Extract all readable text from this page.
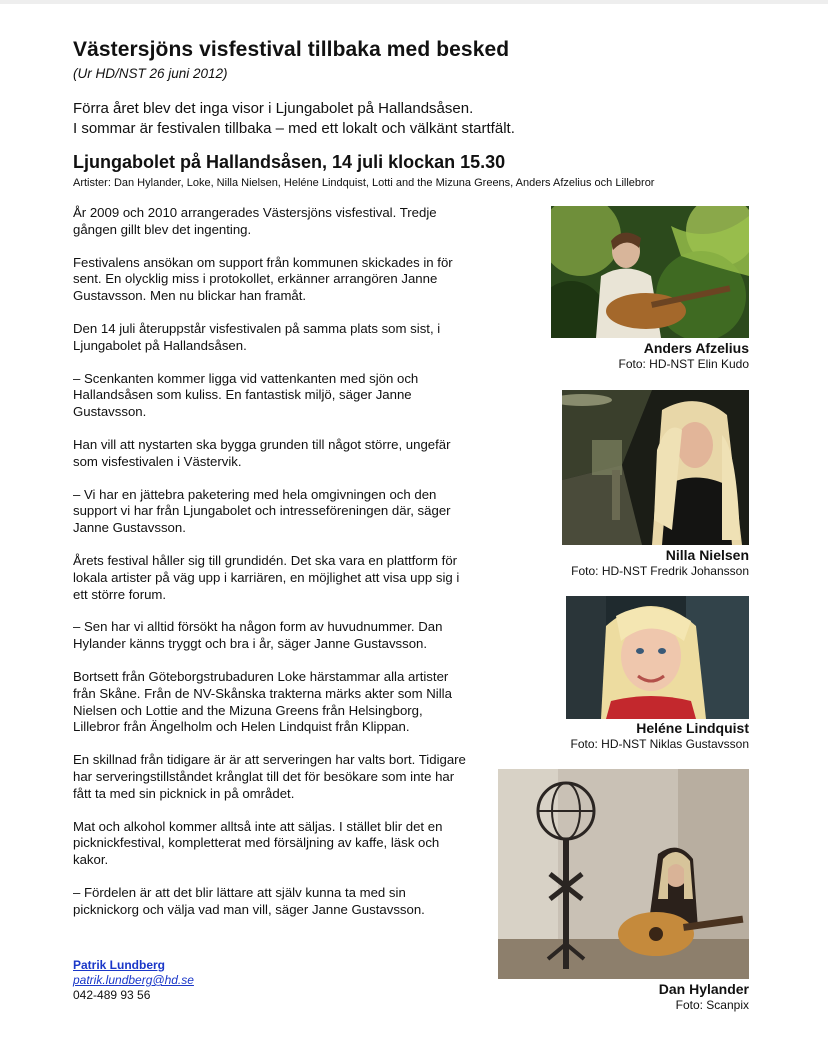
Västersjöns visfestival tillbaka med besked
(Ur HD/NST 26 juni 2012)
Förra året blev det inga visor i Ljungabolet på Hallandsåsen.
I sommar är festivalen tillbaka – med ett lokalt och välkänt startfält.
Ljungabolet på Hallandsåsen, 14 juli klockan 15.30
Artister: Dan Hylander, Loke, Nilla Nielsen, Heléne Lindquist, Lotti and the Mizuna Greens, Anders Afzelius och Lillebror

År 2009 och 2010 arrangerades Västersjöns visfestival. Tredje gången gillt blev det ingenting.

Festivalens ansökan om support från kommunen skickades in för sent. En olycklig miss i protokollet, erkänner arrangören Janne Gustavsson. Men nu blickar han framåt.

Den 14 juli återuppstår visfestivalen på samma plats som sist, i Ljungabolet på Hallandsåsen.

– Scenkanten kommer ligga vid vattenkanten med sjön och Hallandsåsen som kuliss. En fantastisk miljö, säger Janne Gustavsson.

Han vill att nystarten ska bygga grunden till något större, ungefär som visfestivalen i Västervik.

– Vi har en jättebra paketering med hela omgivningen och den support vi har från Ljungabolet och intresseföreningen där, säger Janne Gustavsson.

Årets festival håller sig till grundidén. Det ska vara en plattform för lokala artister på väg upp i karriären, en möjlighet att visa upp sig i ett större forum.

– Sen har vi alltid försökt ha någon form av huvudnummer. Dan Hylander känns tryggt och bra i år, säger Janne Gustavsson.

Bortsett från Göteborgstrubaduren Loke härstammar alla artister från Skåne. Från de NV-Skånska trakterna märks akter som Nilla Nielsen och Lottie and the Mizuna Greens från Helsingborg, Lillebror från Ängelholm och Helen Lindquist från Klippan.

En skillnad från tidigare är är att serveringen har valts bort. Tidigare har serveringstillståndet krånglat till det för besökare som inte har fått ta med sin picknick in på området.

Mat och alkohol kommer alltså inte att säljas. I stället blir det en picknickfestival, kompletterat med försäljning av kaffe, läsk och kakor.

– Fördelen är att det blir lättare att själv kunna ta med sin picknickorg och välja vad man vill, säger Janne Gustavsson.

Patrik Lundberg
patrik.lundberg@hd.se
042-489 93 56
Anders Afzelius
Foto: HD-NST Elin Kudo
Nilla Nielsen
Foto: HD-NST Fredrik Johansson
Heléne Lindquist
Foto: HD-NST Niklas Gustavsson
Dan Hylander
Foto: Scanpix
